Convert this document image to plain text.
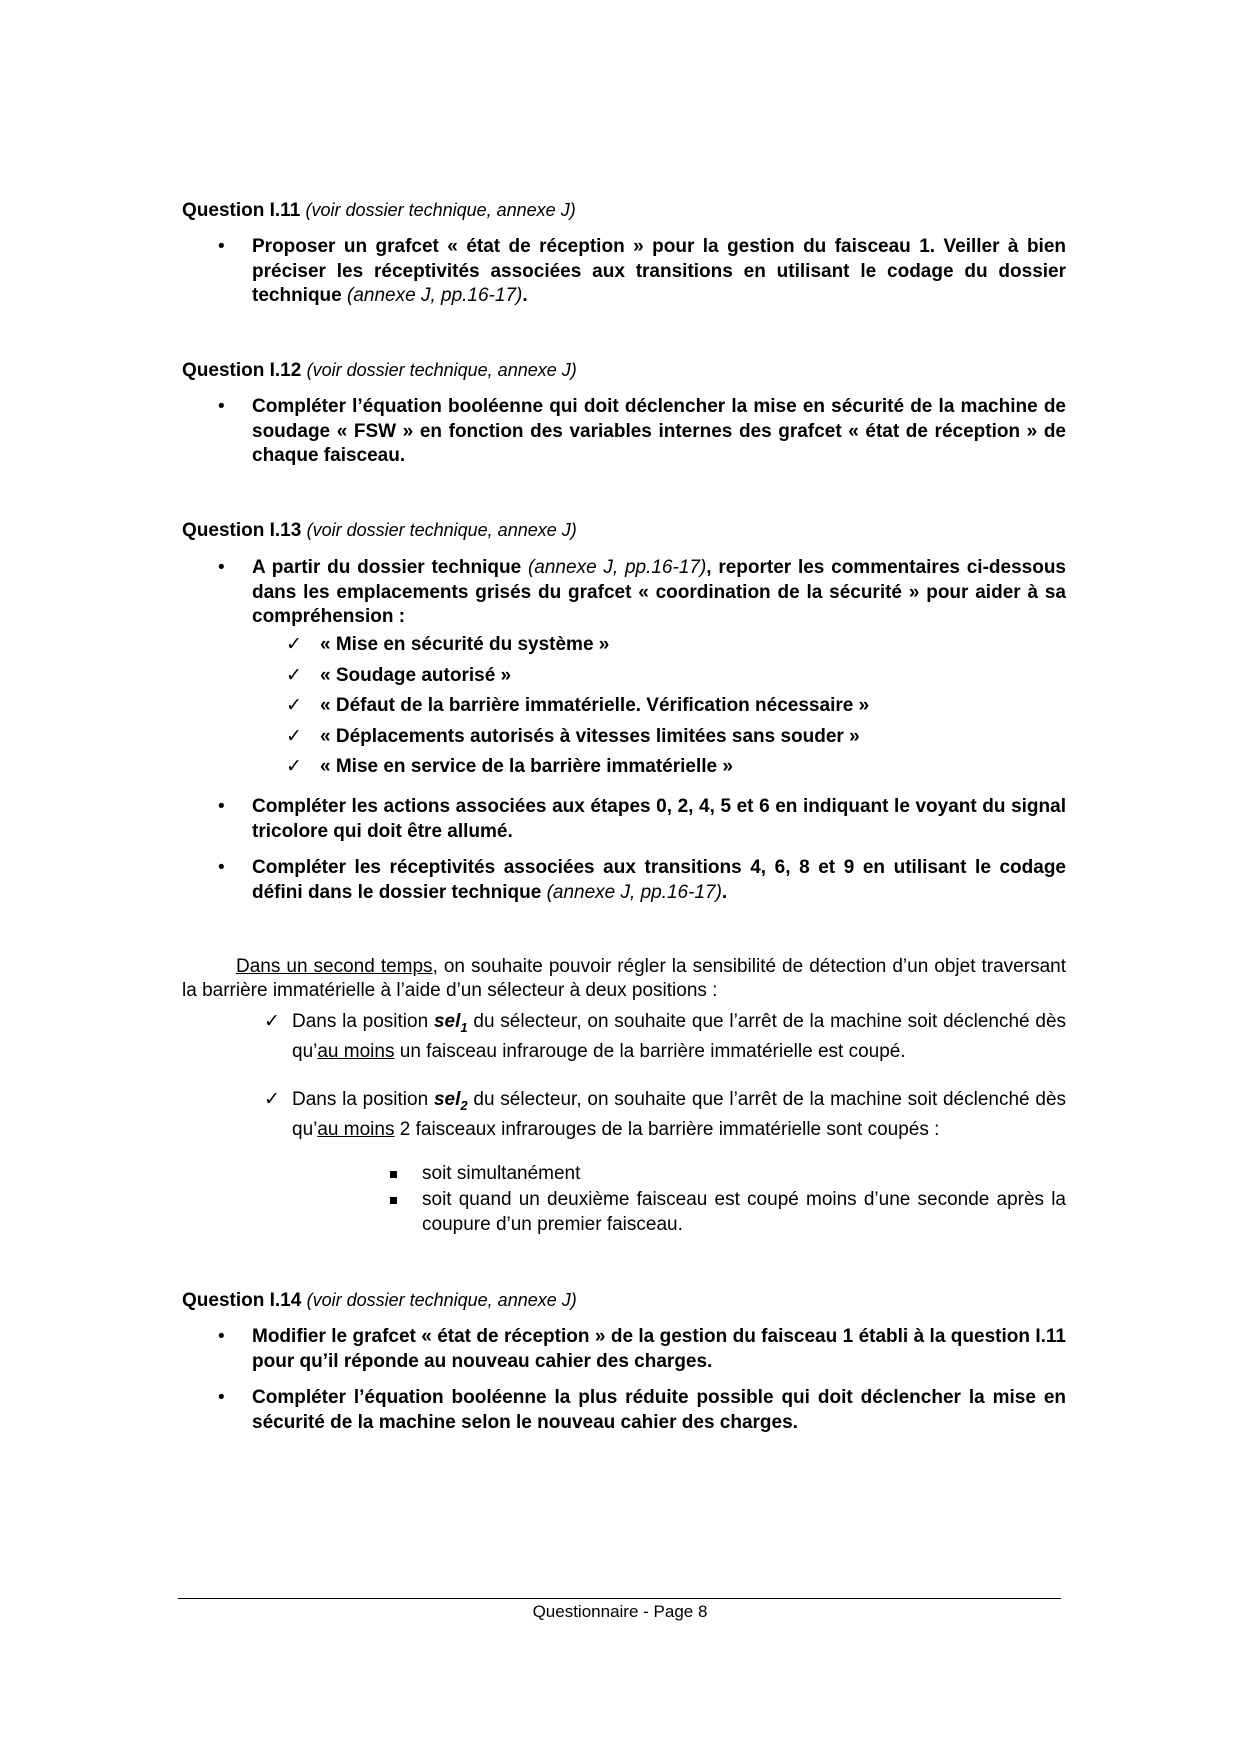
Question I.11 (voir dossier technique, annexe J)
• Proposer un grafcet « état de réception » pour la gestion du faisceau 1. Veiller à bien préciser les réceptivités associées aux transitions en utilisant le codage du dossier technique (annexe J, pp.16-17).
Question I.12 (voir dossier technique, annexe J)
• Compléter l’équation booléenne qui doit déclencher la mise en sécurité de la machine de soudage « FSW » en fonction des variables internes des grafcet « état de réception » de chaque faisceau.
Question I.13 (voir dossier technique, annexe J)
• A partir du dossier technique (annexe J, pp.16-17), reporter les commentaires ci-dessous dans les emplacements grisés du grafcet « coordination de la sécurité » pour aider à sa compréhension :
✓ « Mise en sécurité du système »
✓ « Soudage autorisé »
✓ « Défaut de la barrière immatérielle. Vérification nécessaire »
✓ « Déplacements autorisés à vitesses limitées sans souder »
✓ « Mise en service de la barrière immatérielle »
• Compléter les actions associées aux étapes 0, 2, 4, 5 et 6 en indiquant le voyant du signal tricolore qui doit être allumé.
• Compléter les réceptivités associées aux transitions 4, 6, 8 et 9 en utilisant le codage défini dans le dossier technique (annexe J, pp.16-17).
Dans un second temps, on souhaite pouvoir régler la sensibilité de détection d’un objet traversant la barrière immatérielle à l’aide d’un sélecteur à deux positions :
✓ Dans la position sel$_1$ du sélecteur, on souhaite que l’arrêt de la machine soit déclenché dès qu’au moins un faisceau infrarouge de la barrière immatérielle est coupé.
✓ Dans la position sel$_2$ du sélecteur, on souhaite que l’arrêt de la machine soit déclenché dès qu’au moins 2 faisceaux infrarouges de la barrière immatérielle sont coupés :
soit simultanément
soit quand un deuxième faisceau est coupé moins d’une seconde après la coupure d’un premier faisceau.
Question I.14 (voir dossier technique, annexe J)
• Modifier le grafcet « état de réception » de la gestion du faisceau 1 établi à la question I.11 pour qu’il réponde au nouveau cahier des charges.
• Compléter l’équation booléenne la plus réduite possible qui doit déclencher la mise en sécurité de la machine selon le nouveau cahier des charges.
Questionnaire - Page 8
